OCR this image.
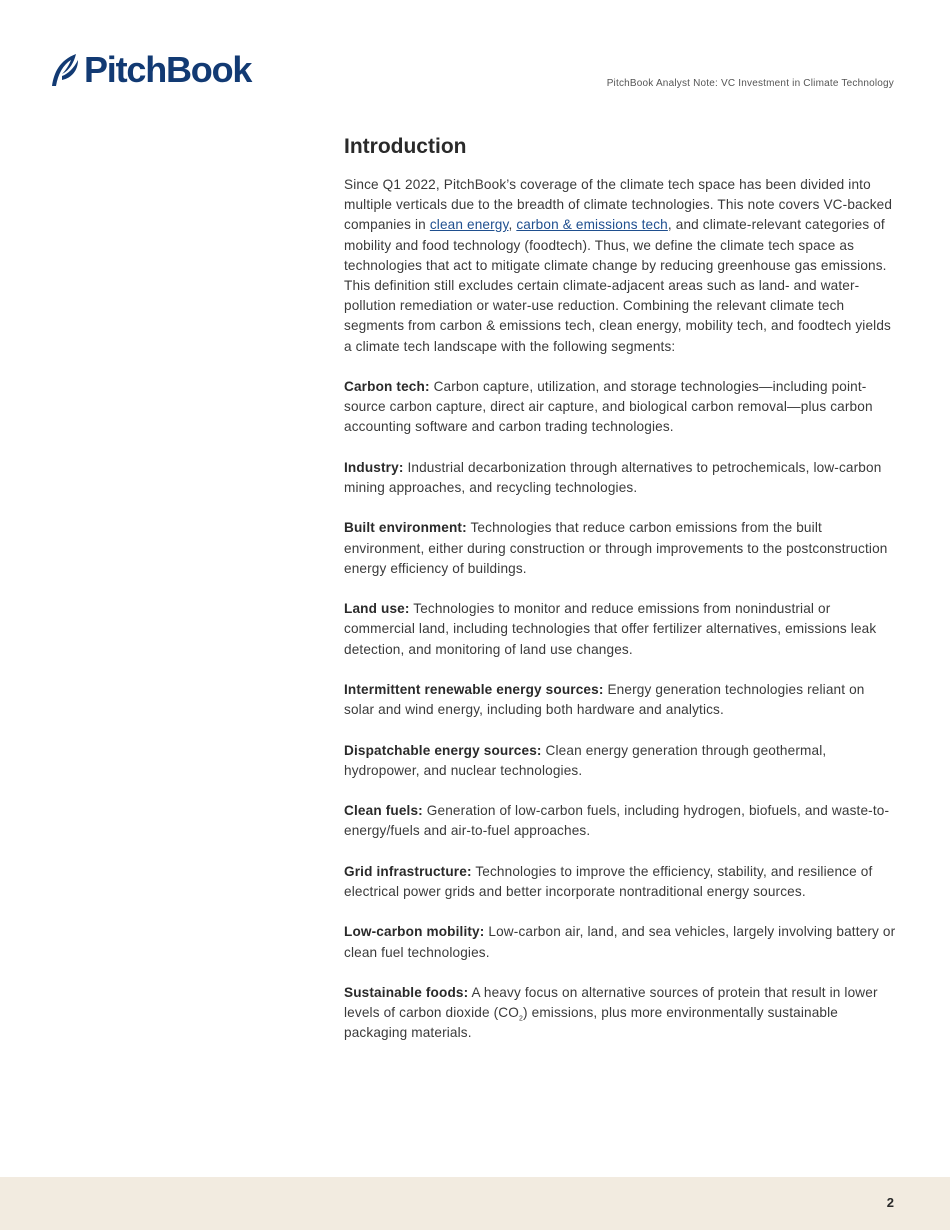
PitchBook	PitchBook Analyst Note: VC Investment in Climate Technology
Introduction

Since Q1 2022, PitchBook’s coverage of the climate tech space has been divided into multiple verticals due to the breadth of climate technologies. This note covers VC-backed companies in clean energy, carbon & emissions tech, and climate-relevant categories of mobility and food technology (foodtech). Thus, we define the climate tech space as technologies that act to mitigate climate change by reducing greenhouse gas emissions. This definition still excludes certain climate-adjacent areas such as land- and water-pollution remediation or water-use reduction. Combining the relevant climate tech segments from carbon & emissions tech, clean energy, mobility tech, and foodtech yields a climate tech landscape with the following segments:

Carbon tech: Carbon capture, utilization, and storage technologies—including point-source carbon capture, direct air capture, and biological carbon removal—plus carbon accounting software and carbon trading technologies.

Industry: Industrial decarbonization through alternatives to petrochemicals, low-carbon mining approaches, and recycling technologies.

Built environment: Technologies that reduce carbon emissions from the built environment, either during construction or through improvements to the postconstruction energy efficiency of buildings.

Land use: Technologies to monitor and reduce emissions from nonindustrial or commercial land, including technologies that offer fertilizer alternatives, emissions leak detection, and monitoring of land use changes.

Intermittent renewable energy sources: Energy generation technologies reliant on solar and wind energy, including both hardware and analytics.

Dispatchable energy sources: Clean energy generation through geothermal, hydropower, and nuclear technologies.

Clean fuels: Generation of low-carbon fuels, including hydrogen, biofuels, and waste-to-energy/fuels and air-to-fuel approaches.

Grid infrastructure: Technologies to improve the efficiency, stability, and resilience of electrical power grids and better incorporate nontraditional energy sources.

Low-carbon mobility: Low-carbon air, land, and sea vehicles, largely involving battery or clean fuel technologies.

Sustainable foods: A heavy focus on alternative sources of protein that result in lower levels of carbon dioxide $(CO_2)$ emissions, plus more environmentally sustainable packaging materials.

2
